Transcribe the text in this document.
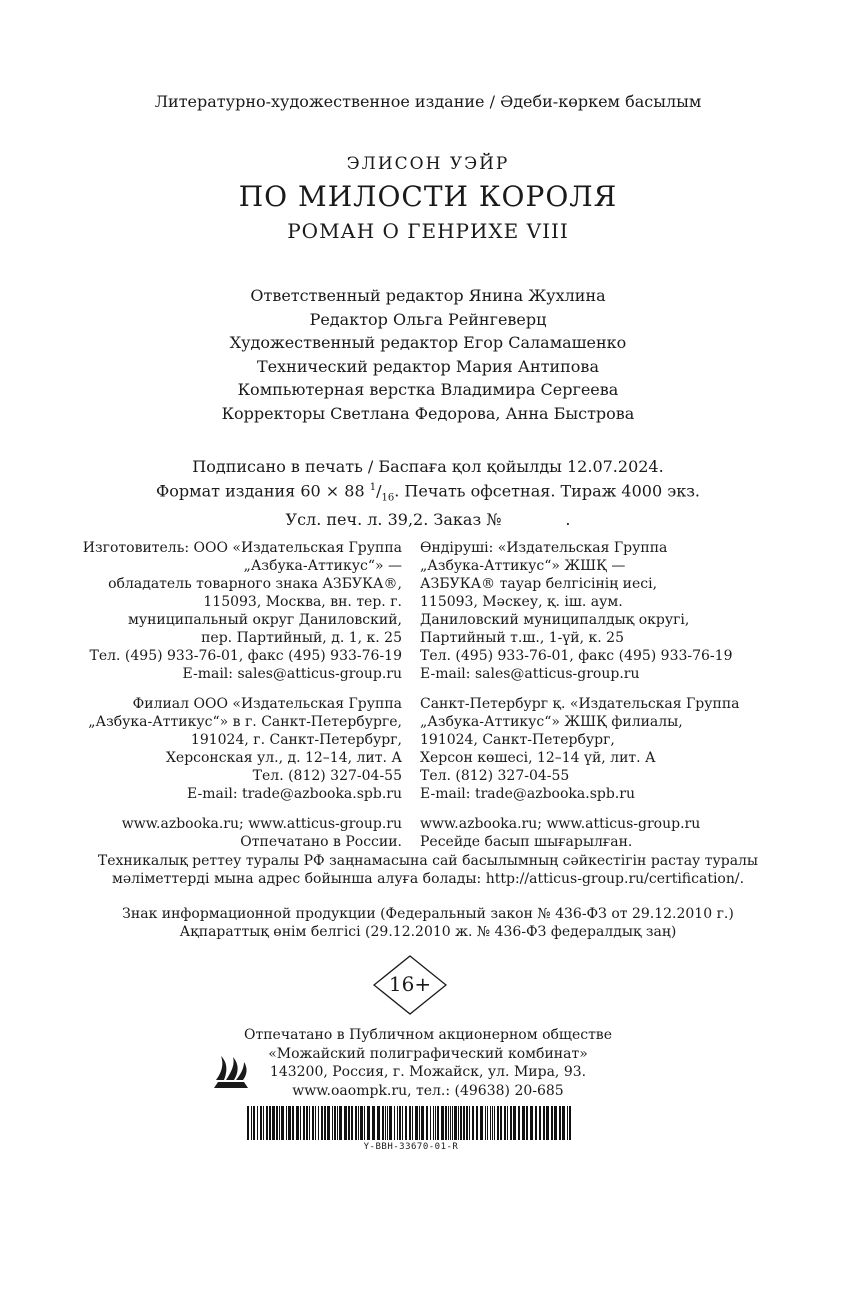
Литературно-художественное издание / Әдеби-көркем басылым
ЭЛИСОН УЭЙР
ПО МИЛОСТИ КОРОЛЯ
РОМАН О ГЕНРИХЕ VIII
Ответственный редактор Янина Жухлина
Редактор Ольга Рейнгеверц
Художественный редактор Егор Саламашенко
Технический редактор Мария Антипова
Компьютерная верстка Владимира Сергеева
Корректоры Светлана Федорова, Анна Быстрова
Подписано в печать / Баспаға қол қойылды 12.07.2024.
Формат издания 60 × 88 $^1/_{16}$. Печать офсетная. Тираж 4000 экз.
Усл. печ. л. 39,2. Заказ №	.
Изготовитель: ООО «Издательская Группа
„Азбука-Аттикус“» —
обладатель товарного знака АЗБУКА®,
115093, Москва, вн. тер. г.
муниципальный округ Даниловский,
пер. Партийный, д. 1, к. 25
Тел. (495) 933-76-01, факс (495) 933-76-19
E-mail: sales@atticus-group.ru
Филиал ООО «Издательская Группа
„Азбука-Аттикус“» в г. Санкт-Петербурге,
191024, г. Санкт-Петербург,
Херсонская ул., д. 12–14, лит. А
Тел. (812) 327-04-55
E-mail: trade@azbooka.spb.ru
www.azbooka.ru; www.atticus-group.ru
Отпечатано в России.
Өндіруші: «Издательская Группа
„Азбука-Аттикус“» ЖШҚ —
АЗБУКА® тауар белгісінің иесі,
115093, Мәскеу, қ. іш. аум.
Даниловский муниципалдық округі,
Партийный т.ш., 1-үй, к. 25
Тел. (495) 933-76-01, факс (495) 933-76-19
E-mail: sales@atticus-group.ru
Санкт-Петербург қ. «Издательская Группа
„Азбука-Аттикус“» ЖШҚ филиалы,
191024, Санкт-Петербург,
Херсон көшесі, 12–14 үй, лит. А
Тел. (812) 327-04-55
E-mail: trade@azbooka.spb.ru
www.azbooka.ru; www.atticus-group.ru
Ресейде басып шығарылған.
Техникалық реттеу туралы РФ заңнамасына сай басылымның сәйкестігін растау туралы
мәліметтерді мына адрес бойынша алуға болады: http://atticus-group.ru/certification/.
Знак информационной продукции (Федеральный закон № 436-ФЗ от 29.12.2010 г.)
Ақпараттық өнім белгісі (29.12.2010 ж. № 436-ФЗ федералдық заң)
16+
Отпечатано в Публичном акционерном обществе
«Можайский полиграфический комбинат»
143200, Россия, г. Можайск, ул. Мира, 93.
www.oaompk.ru, тел.: (49638) 20-685
Y-BBH-33670-01-R
